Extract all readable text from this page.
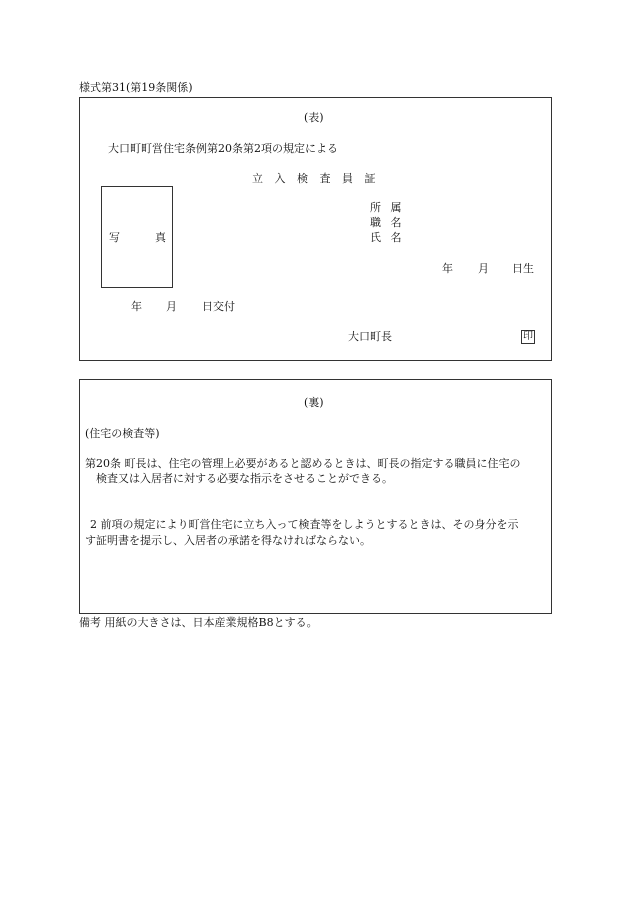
様式第31(第19条関係)
(表)
大口町町営住宅条例第20条第2項の規定による
立 入 検 査 員 証
写	真
所 属
職 名
氏 名
年 月 日生
年 月 日交付
大口町長	印
(裏)
(住宅の検査等)
第20条 町長は、住宅の管理上必要があると認めるときは、町長の指定する職員に住宅の
検査又は入居者に対する必要な指示をさせることができる。
2 前項の規定により町営住宅に立ち入って検査等をしようとするときは、その身分を示
す証明書を提示し、入居者の承諾を得なければならない。
備考 用紙の大きさは、日本産業規格B8とする。
